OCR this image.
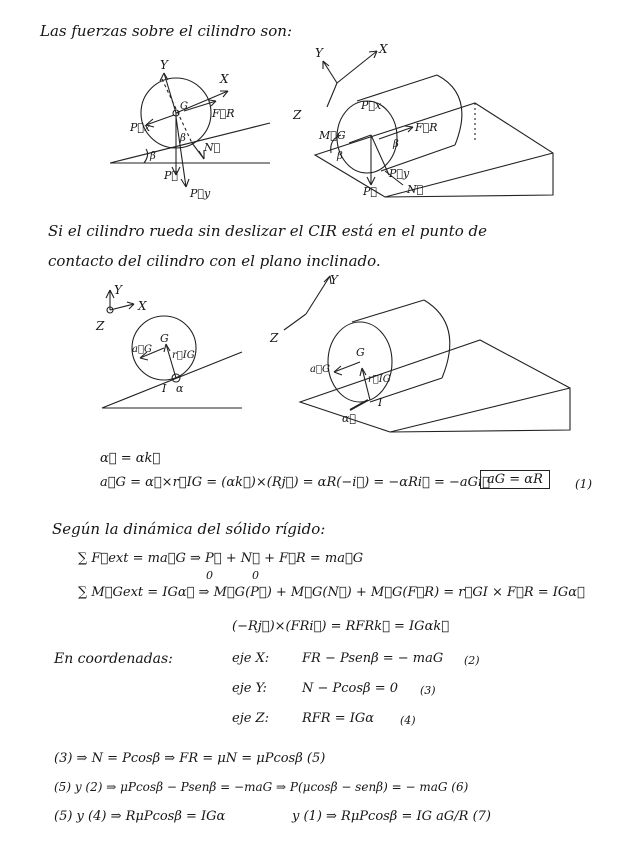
Las fuerzas sobre el cilindro son:
X
Y
G
P⃗x
F⃗R
N⃗
P⃗
P⃗y
β
β
Y	X
Z
P⃗x
M⃗G
F⃗R
P⃗
P⃗y
N⃗
β
β
Si el cilindro rueda sin deslizar el CIR está en el punto de
contacto del cilindro con el plano inclinado.
Z
Y
X
G
a⃗G
r⃗IG
I α
Y
Z
G
a⃗G
r⃗IG
I
α⃗
α⃗ = αk⃗
a⃗G = α⃗×r⃗IG = (αk⃗)×(Rj⃗) = αR(−i⃗) = −αRi⃗ = −aGi⃗
aG = αR	(1)
Según la dinámica del sólido rígido:
∑ F⃗ext = ma⃗G ⇒ P⃗ + N⃗ + F⃗R = ma⃗G
0	0
∑ M⃗Gext = IGα⃗ ⇒ M⃗G(P⃗) + M⃗G(N⃗) + M⃗G(F⃗R) = r⃗GI × F⃗R = IGα⃗
(−Rj⃗)×(FRi⃗) = RFRk⃗ = IGαk⃗
En coordenadas:	eje X:	FR − Psenβ = − maG (2)
eje Y:	N − Pcosβ = 0 (3)
eje Z:	RFR = IGα (4)
(3) ⇒ N = Pcosβ ⇒ FR = μN = μPcosβ (5)
(5) y (2) ⇒ μPcosβ − Psenβ = −maG ⇒ P(μcosβ − senβ) = − maG (6)
(5) y (4) ⇒ RμPcosβ = IGα	y (1) ⇒ RμPcosβ = IG aG/R (7)
